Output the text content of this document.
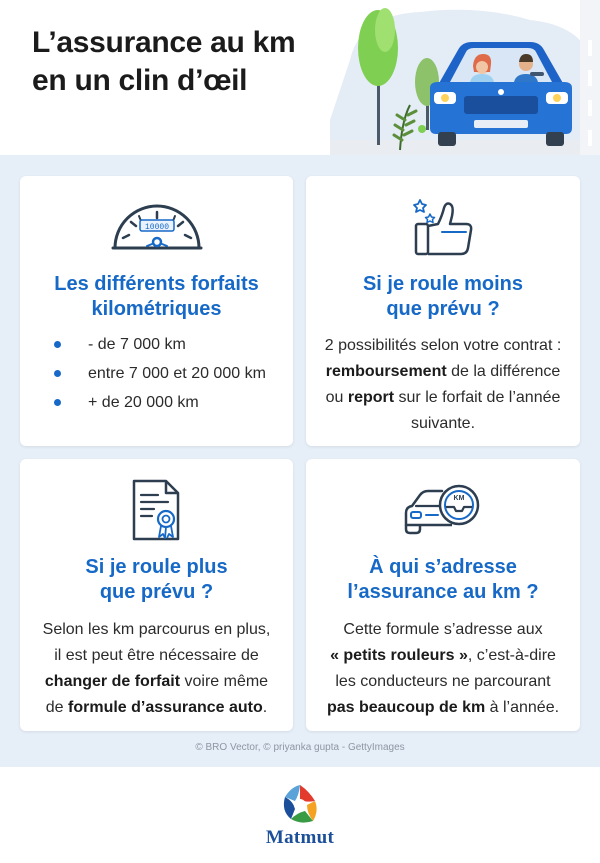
L’assurance au km
en un clin d’œil
10000
Les différents forfaits
kilométriques
- de 7 000 km
entre 7 000 et 20 000 km
+ de 20 000 km
Si je roule moins
que prévu ?
2 possibilités selon votre contrat :
remboursement de la différence
ou report sur le forfait de l’année
suivante.
Si je roule plus
que prévu ?
Selon les km parcourus en plus,
il est peut être nécessaire de
changer de forfait voire même
de formule d’assurance auto.
KM
À qui s’adresse
l’assurance au km ?
Cette formule s’adresse aux
« petits rouleurs », c’est-à-dire
les conducteurs ne parcourant
pas beaucoup de km à l’année.
© BRO Vector, © priyanka gupta - GettyImages
Matmut
